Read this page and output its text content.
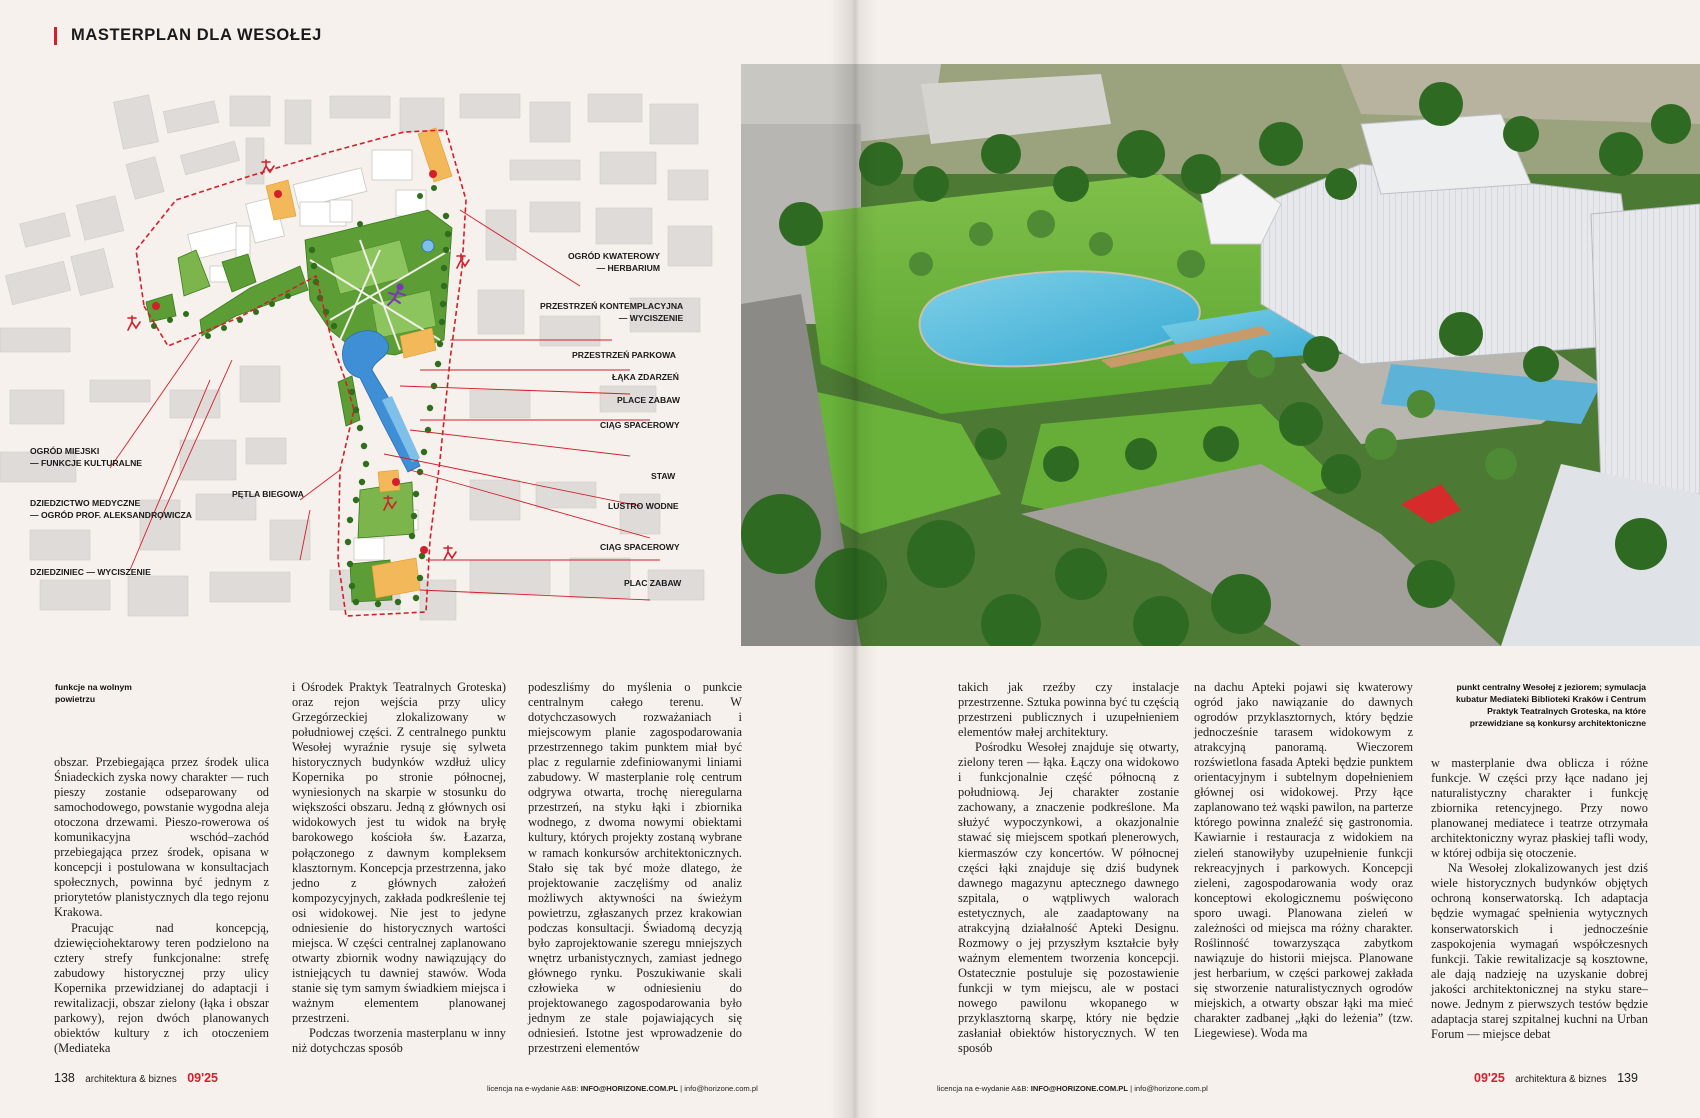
MASTERPLAN DLA WESOŁEJ
OGRÓD KWATEROWY
— HERBARIUM
PRZESTRZEŃ KONTEMPLACYJNA
— WYCISZENIE
PRZESTRZEŃ PARKOWA
ŁĄKA ZDARZEŃ
PLACE ZABAW
CIĄG SPACEROWY
STAW
LUSTRO WODNE
CIĄG SPACEROWY
PLAC ZABAW
OGRÓD MIEJSKI
— FUNKCJE KULTURALNE
PĘTLA BIEGOWA
DZIEDZICTWO MEDYCZNE
— OGRÓD PROF. ALEKSANDROWICZA
DZIEDZINIEC — WYCISZENIE
funkcje na wolnym
powietrzu

obszar. Przebiegająca przez środek ulica Śniadeckich zyska nowy charakter — ruch pieszy zostanie odseparowany od samochodowego, powstanie wygodna aleja otoczona drzewami. Pieszo-rowerowa oś komunikacyjna wschód–zachód przebiegająca przez środek, opisana w koncepcji i postulowana w konsultacjach społecznych, powinna być jednym z priorytetów planistycznych dla tego rejonu Krakowa.

Pracując nad koncepcją, dziewięciohektarowy teren podzielono na cztery strefy funkcjonalne: strefę zabudowy historycznej przy ulicy Kopernika przewidzianej do adaptacji i rewitalizacji, obszar zielony (łąka i obszar parkowy), rejon dwóch planowanych obiektów kultury z ich otoczeniem (Mediateka

i Ośrodek Praktyk Teatralnych Groteska) oraz rejon wejścia przy ulicy Grzegórzeckiej zlokalizowany w południowej części. Z centralnego punktu Wesołej wyraźnie rysuje się sylweta historycznych budynków wzdłuż ulicy Kopernika po stronie północnej, wyniesionych na skarpie w stosunku do większości obszaru. Jedną z głównych osi widokowych jest tu widok na bryłę barokowego kościoła św. Łazarza, połączonego z dawnym kompleksem klasztornym. Koncepcja przestrzenna, jako jedno z głównych założeń kompozycyjnych, zakłada podkreślenie tej osi widokowej. Nie jest to jedyne odniesienie do historycznych wartości miejsca. W części centralnej zaplanowano otwarty zbiornik wodny nawiązujący do istniejących tu dawniej stawów. Woda stanie się tym samym świadkiem miejsca i ważnym elementem planowanej przestrzeni.

Podczas tworzenia masterplanu w inny niż dotychczas sposób

podeszliśmy do myślenia o punkcie centralnym całego terenu. W dotychczasowych rozważaniach i miejscowym planie zagospodarowania przestrzennego takim punktem miał być plac z regularnie zdefiniowanymi liniami zabudowy. W masterplanie rolę centrum odgrywa otwarta, trochę nieregularna przestrzeń, na styku łąki i zbiornika wodnego, z dwoma nowymi obiektami kultury, których projekty zostaną wybrane w ramach konkursów architektonicznych. Stało się tak być może dlatego, że projektowanie zaczęliśmy od analiz możliwych aktywności na świeżym powietrzu, zgłaszanych przez krakowian podczas konsultacji. Świadomą decyzją było zaprojektowanie szeregu mniejszych wnętrz urbanistycznych, zamiast jednego głównego rynku. Poszukiwanie skali człowieka w odniesieniu do projektowanego zagospodarowania było jednym ze stale pojawiających się odniesień. Istotne jest wprowadzenie do przestrzeni elementów

138 architektura & biznes 09'25
licencja na e-wydanie A&B: INFO@HORIZONE.COM.PL | info@horizone.com.pl	licencja na e-wydanie A&B: INFO@HORIZONE.COM.PL | info@horizone.com.pl

takich jak rzeźby czy instalacje przestrzenne. Sztuka powinna być tu częścią przestrzeni publicznych i uzupełnieniem elementów małej architektury.

Pośrodku Wesołej znajduje się otwarty, zielony teren — łąka. Łączy ona widokowo i funkcjonalnie część północną z południową. Jej charakter zostanie zachowany, a znaczenie podkreślone. Ma służyć wypoczynkowi, a okazjonalnie stawać się miejscem spotkań plenerowych, kiermaszów czy koncertów. W północnej części łąki znajduje się dziś budynek dawnego magazynu aptecznego dawnego szpitala, o wątpliwych walorach estetycznych, ale zaadaptowany na atrakcyjną działalność Apteki Designu. Rozmowy o jej przyszłym kształcie były ważnym elementem tworzenia koncepcji. Ostatecznie postuluje się pozostawienie funkcji w tym miejscu, ale w postaci nowego pawilonu wkopanego w przyklasztorną skarpę, który nie będzie zasłaniał obiektów historycznych. W ten sposób

na dachu Apteki pojawi się kwaterowy ogród jako nawiązanie do dawnych ogrodów przyklasztornych, który będzie jednocześnie tarasem widokowym z atrakcyjną panoramą. Wieczorem rozświetlona fasada Apteki będzie punktem orientacyjnym i subtelnym dopełnieniem głównej osi widokowej. Przy łące zaplanowano też wąski pawilon, na parterze którego powinna znaleźć się gastronomia. Kawiarnie i restauracja z widokiem na zieleń stanowiłyby uzupełnienie funkcji rekreacyjnych i parkowych. Koncepcji zieleni, zagospodarowania wody oraz konceptowi ekologicznemu poświęcono sporo uwagi. Planowana zieleń w zależności od miejsca ma różny charakter. Roślinność towarzysząca zabytkom nawiązuje do historii miejsca. Planowane jest herbarium, w części parkowej zakłada się stworzenie naturalistycznych ogrodów miejskich, a otwarty obszar łąki ma mieć charakter zadbanej „łąki do leżenia” (tzw. Liegewiese). Woda ma

punkt centralny Wesołej z jeziorem; symulacja
kubatur Mediateki Biblioteki Kraków i Centrum
Praktyk Teatralnych Groteska, na które
przewidziane są konkursy architektoniczne

w masterplanie dwa oblicza i różne funkcje. W części przy łące nadano jej naturalistyczny charakter i funkcję zbiornika retencyjnego. Przy nowo planowanej mediatece i teatrze otrzymała architektoniczny wyraz płaskiej tafli wody, w której odbija się otoczenie.

Na Wesołej zlokalizowanych jest dziś wiele historycznych budynków objętych ochroną konserwatorską. Ich adaptacja będzie wymagać spełnienia wytycznych konserwatorskich i jednocześnie zaspokojenia wymagań współczesnych funkcji. Takie rewitalizacje są kosztowne, ale dają nadzieję na uzyskanie dobrej jakości architektonicznej na styku stare–nowe. Jednym z pierwszych testów będzie adaptacja starej szpitalnej kuchni na Urban Forum — miejsce debat

09'25 architektura & biznes 139
